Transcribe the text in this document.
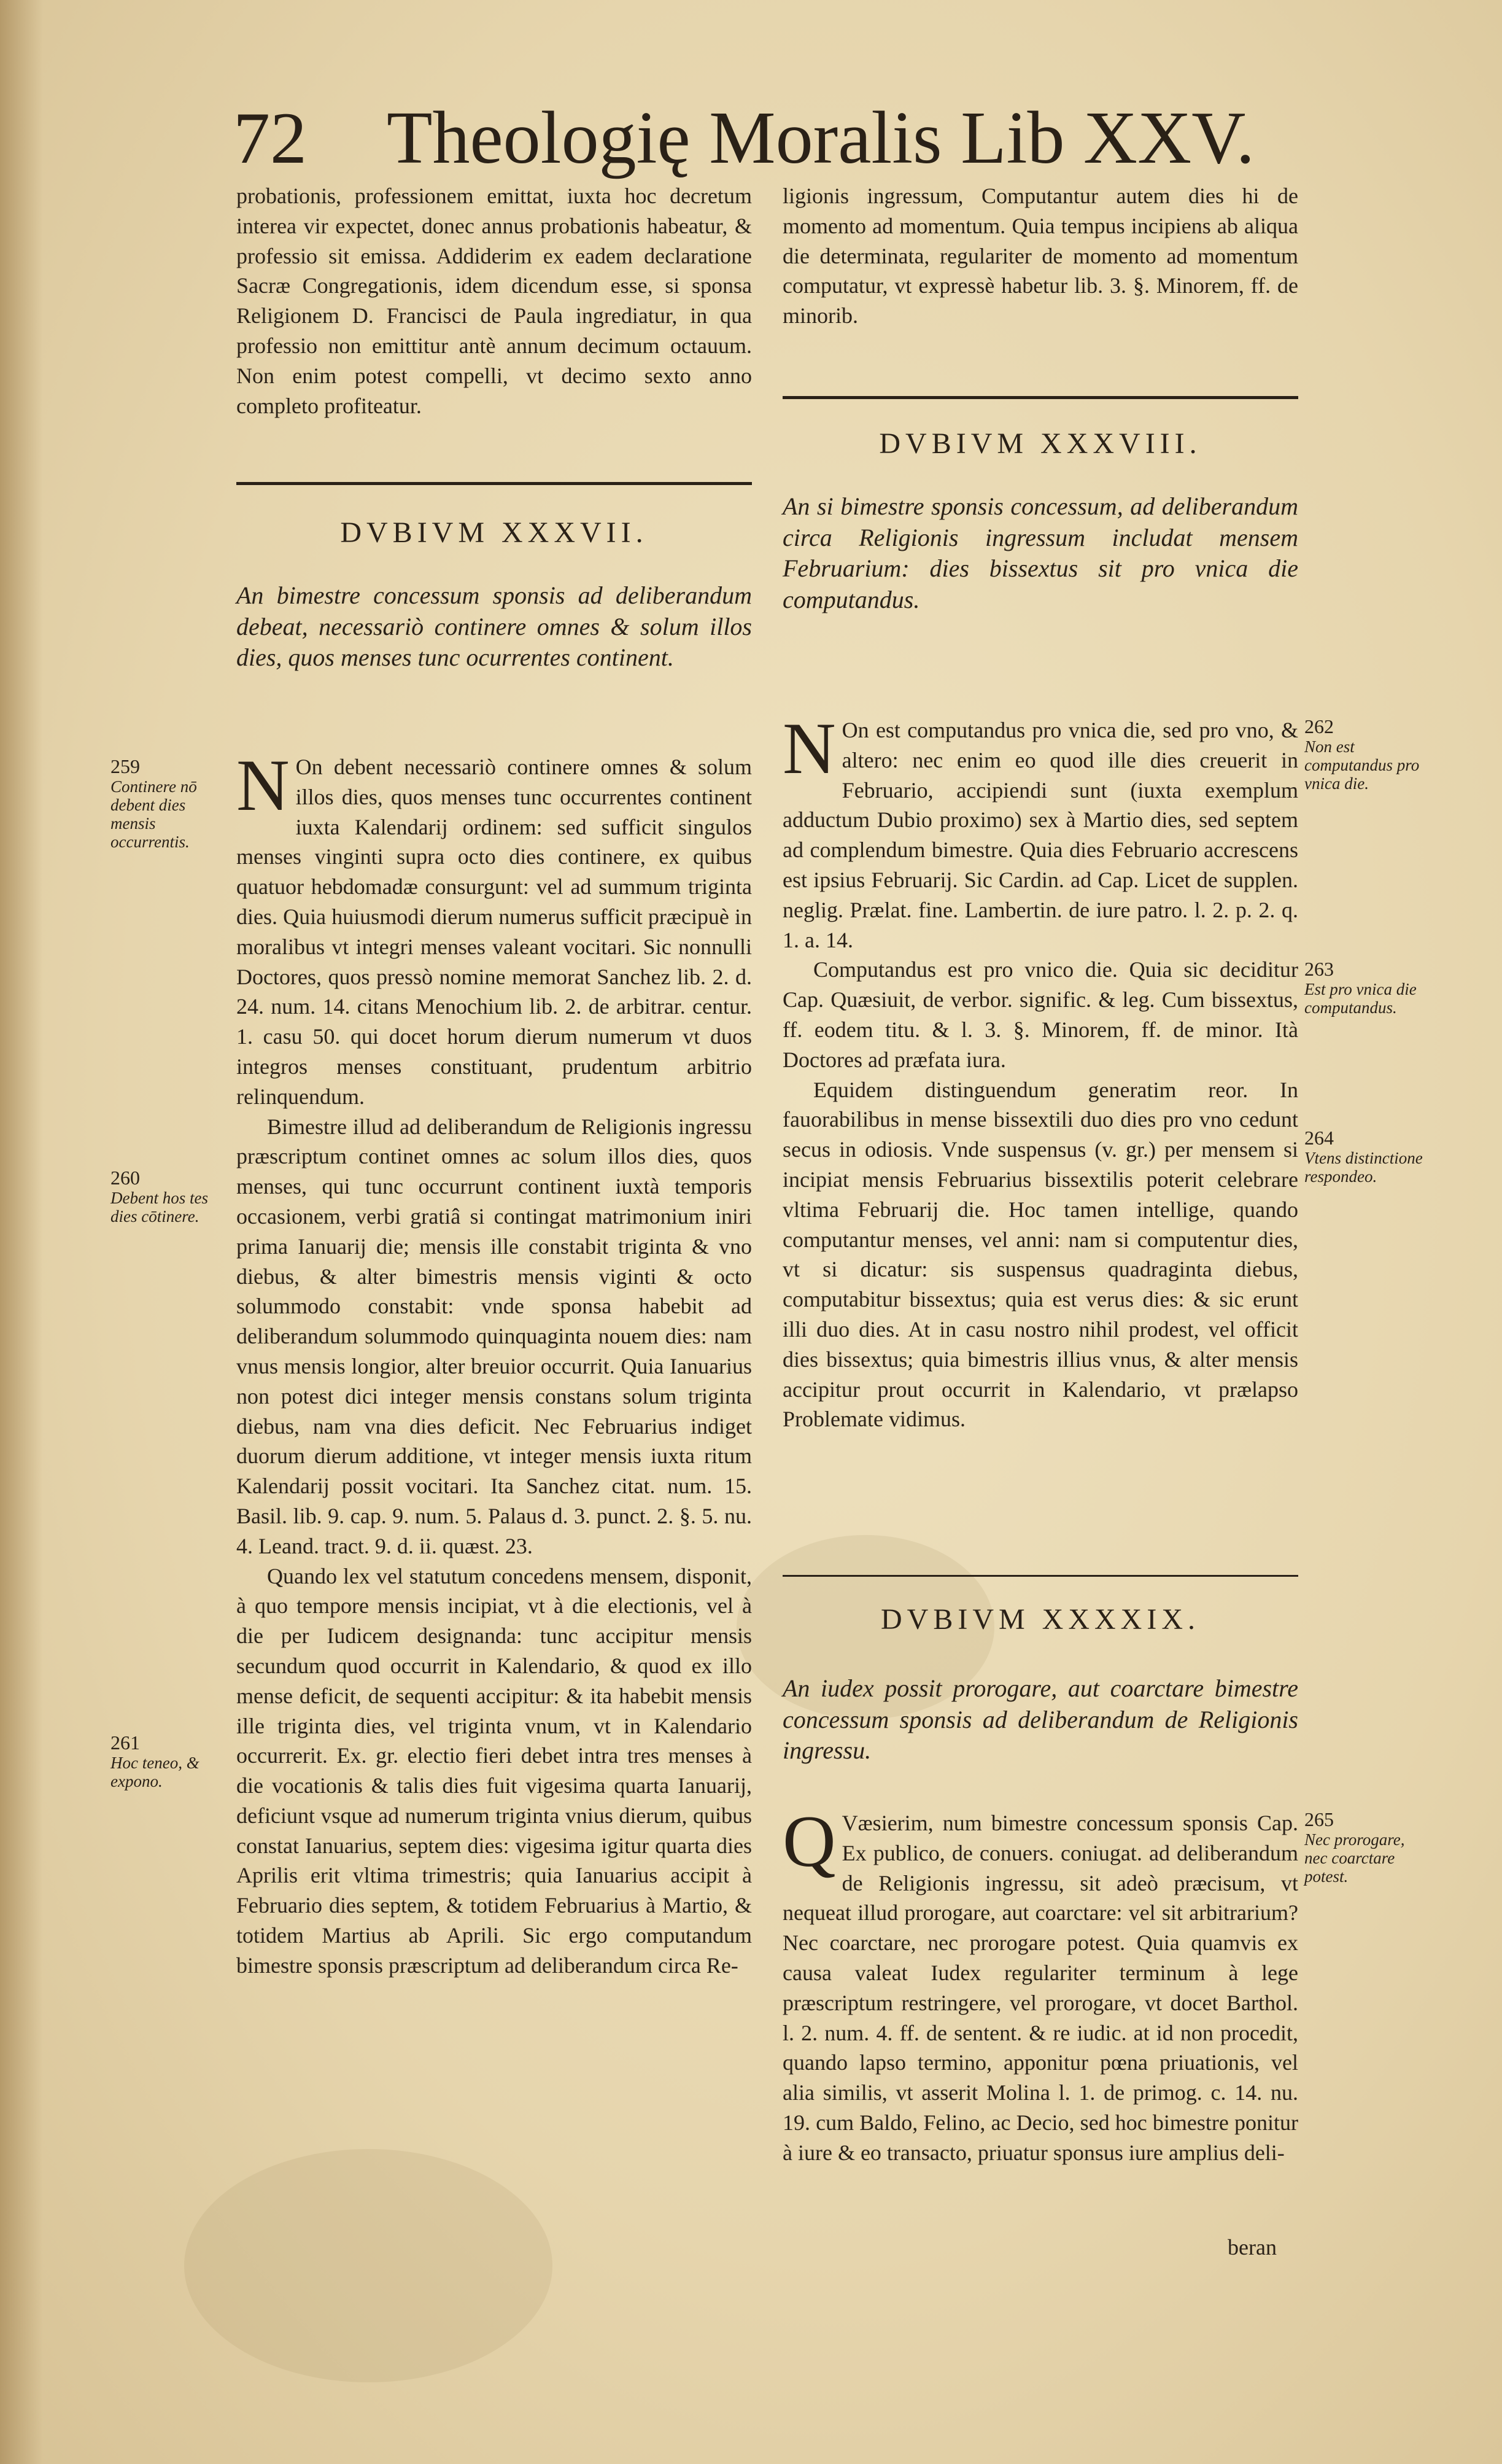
72 Theologię Moralis Lib XXV.

probationis, professionem emittat, iuxta hoc decretum interea vir expectet, donec annus probationis habeatur, & professio sit emissa. Addiderim ex eadem declaratione Sacræ Congregationis, idem dicendum esse, si sponsa Religionem D. Francisci de Paula ingrediatur, in qua professio non emittitur antè annum decimum octauum. Non enim potest compelli, vt decimo sexto anno completo profiteatur.

DVBIVM XXXVII.
An bimestre concessum sponsis ad deliberandum debeat, necessariò continere omnes & solum illos dies, quos menses tunc ocurrentes continent.

N On debent necessariò continere omnes & solum illos dies, quos menses tunc occurrentes continent iuxta Kalendarij ordinem: sed sufficit singulos menses vinginti supra octo dies continere, ex quibus quatuor hebdomadæ consurgunt: vel ad summum triginta dies. Quia huiusmodi dierum numerus sufficit præcipuè in moralibus vt integri menses valeant vocitari. Sic nonnulli Doctores, quos pressò nomine memorat Sanchez lib. 2. d. 24. num. 14. citans Menochium lib. 2. de arbitrar. centur. 1. casu 50. qui docet horum dierum numerum vt duos integros menses constituant, prudentum arbitrio relinquendum.

Bimestre illud ad deliberandum de Religionis ingressu præscriptum continet omnes ac solum illos dies, quos menses, qui tunc occurrunt continent iuxtà temporis occasionem, verbi gratiâ si contingat matrimonium iniri prima Ianuarij die; mensis ille constabit triginta & vno diebus, & alter bimestris mensis viginti & octo solummodo constabit: vnde sponsa habebit ad deliberandum solummodo quinquaginta nouem dies: nam vnus mensis longior, alter breuior occurrit. Quia Ianuarius non potest dici integer mensis constans solum triginta diebus, nam vna dies deficit. Nec Februarius indiget duorum dierum additione, vt integer mensis iuxta ritum Kalendarij possit vocitari. Ita Sanchez citat. num. 15. Basil. lib. 9. cap. 9. num. 5. Palaus d. 3. punct. 2. §. 5. nu. 4. Leand. tract. 9. d. ii. quæst. 23.

Quando lex vel statutum concedens mensem, disponit, à quo tempore mensis incipiat, vt à die electionis, vel à die per Iudicem designanda: tunc accipitur mensis secundum quod occurrit in Kalendario, & quod ex illo mense deficit, de sequenti accipitur: & ita habebit mensis ille triginta dies, vel triginta vnum, vt in Kalendario occurrerit. Ex. gr. electio fieri debet intra tres menses à die vocationis & talis dies fuit vigesima quarta Ianuarij, deficiunt vsque ad numerum triginta vnius dierum, quibus constat Ianuarius, septem dies: vigesima igitur quarta dies Aprilis erit vltima trimestris; quia Ianuarius accipit à Februario dies septem, & totidem Februarius à Martio, & totidem Martius ab Aprili. Sic ergo computandum bimestre sponsis præscriptum ad deliberandum circa Re-

259
Continere nō debent dies mensis occurrentis.
260
Debent hos tes dies cōtinere.
261
Hoc teneo, & expono.

ligionis ingressum, Computantur autem dies hi de momento ad momentum. Quia tempus incipiens ab aliqua die determinata, regulariter de momento ad momentum computatur, vt expressè habetur lib. 3. §. Minorem, ff. de minorib.

DVBIVM XXXVIII.
An si bimestre sponsis concessum, ad deliberandum circa Religionis ingressum includat mensem Februarium: dies bissextus sit pro vnica die computandus.

N On est computandus pro vnica die, sed pro vno, & altero: nec enim eo quod ille dies creuerit in Februario, accipiendi sunt (iuxta exemplum adductum Dubio proximo) sex à Martio dies, sed septem ad complendum bimestre. Quia dies Februario accrescens est ipsius Februarij. Sic Cardin. ad Cap. Licet de supplen. neglig. Prælat. fine. Lambertin. de iure patro. l. 2. p. 2. q. 1. a. 14.

Computandus est pro vnico die. Quia sic deciditur Cap. Quæsiuit, de verbor. signific. & leg. Cum bissextus, ff. eodem titu. & l. 3. §. Minorem, ff. de minor. Ità Doctores ad præfata iura.

Equidem distinguendum generatim reor. In fauorabilibus in mense bissextili duo dies pro vno cedunt secus in odiosis. Vnde suspensus (v. gr.) per mensem si incipiat mensis Februarius bissextilis poterit celebrare vltima Februarij die. Hoc tamen intellige, quando computantur menses, vel anni: nam si computentur dies, vt si dicatur: sis suspensus quadraginta diebus, computabitur bissextus; quia est verus dies: & sic erunt illi duo dies. At in casu nostro nihil prodest, vel officit dies bissextus; quia bimestris illius vnus, & alter mensis accipitur prout occurrit in Kalendario, vt prælapso Problemate vidimus.

DVBIVM XXXXIX.
An iudex possit prorogare, aut coarctare bimestre concessum sponsis ad deliberandum de Religionis ingressu.

Q Væsierim, num bimestre concessum sponsis Cap. Ex publico, de conuers. coniugat. ad deliberandum de Religionis ingressu, sit adeò præcisum, vt nequeat illud prorogare, aut coarctare: vel sit arbitrarium? Nec coarctare, nec prorogare potest. Quia quamvis ex causa valeat Iudex regulariter terminum à lege præscriptum restringere, vel prorogare, vt docet Barthol. l. 2. num. 4. ff. de sentent. & re iudic. at id non procedit, quando lapso termino, apponitur pœna priuationis, vel alia similis, vt asserit Molina l. 1. de primog. c. 14. nu. 19. cum Baldo, Felino, ac Decio, sed hoc bimestre ponitur à iure & eo transacto, priuatur sponsus iure amplius deli-

beran
262
Non est computandus pro vnica die.
263
Est pro vnica die computandus.
264
Vtens distinctione respondeo.
265
Nec prorogare, nec coarctare potest.
